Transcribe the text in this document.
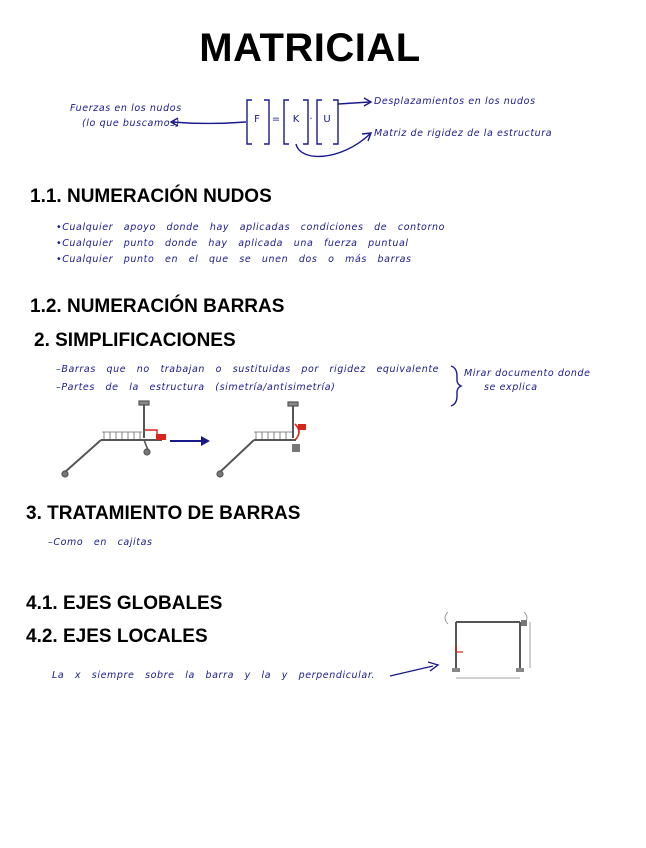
MATRICIAL
Fuerzas en los nudos
(lo que buscamos)	F	=	K	·	U
Desplazamientos en los nudos
Matriz de rigidez de la estructura
1.1. NUMERACIÓN NUDOS
•Cualquier apoyo donde hay aplicadas condiciones de contorno
•Cualquier punto donde hay aplicada una fuerza puntual
•Cualquier punto en el que se unen dos o más barras
1.2. NUMERACIÓN BARRAS
2. SIMPLIFICACIONES
–Barras que no trabajan o sustituidas por rigidez equivalente
–Partes de la estructura (simetría/antisimetría)
Mirar documento donde
se explica
3. TRATAMIENTO DE BARRAS
–Como en cajitas
4.1. EJES GLOBALES
4.2. EJES LOCALES
La x siempre sobre la barra y la y perpendicular.
